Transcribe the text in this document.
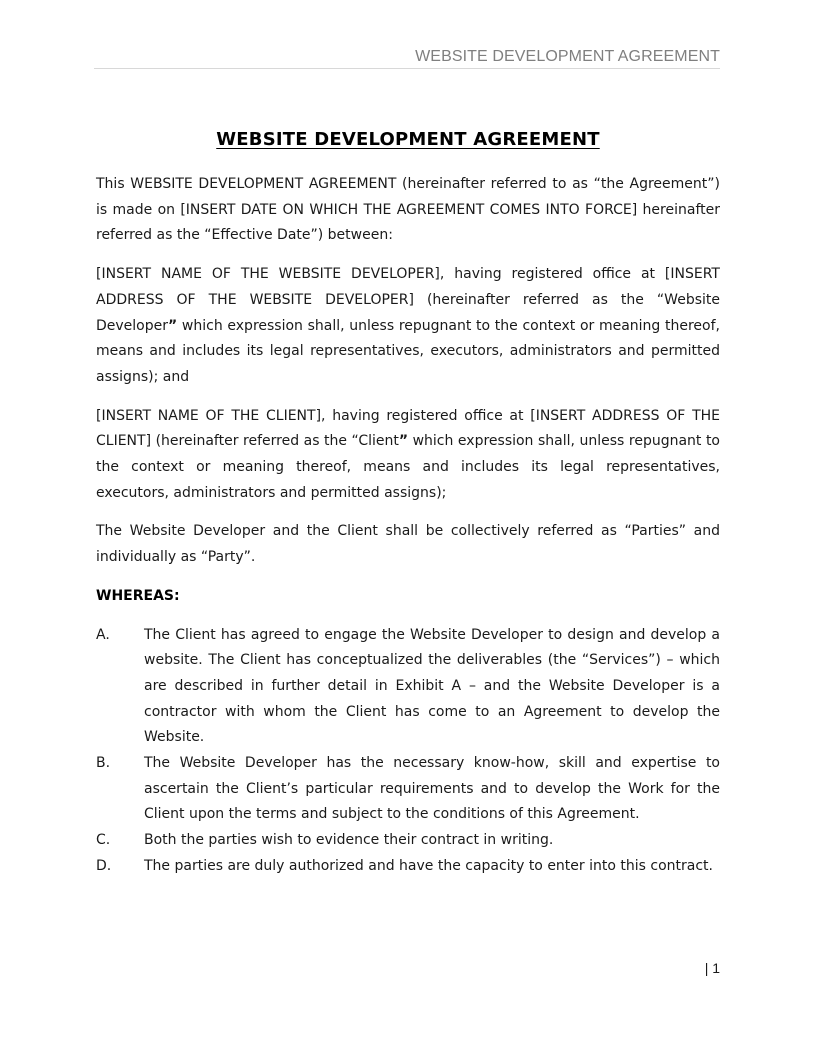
WEBSITE DEVELOPMENT AGREEMENT
WEBSITE DEVELOPMENT AGREEMENT

This WEBSITE DEVELOPMENT AGREEMENT (hereinafter referred to as “the Agreement”) is made on [INSERT DATE ON WHICH THE AGREEMENT COMES INTO FORCE] hereinafter referred as the “Effective Date”) between:

[INSERT NAME OF THE WEBSITE DEVELOPER], having registered office at [INSERT ADDRESS OF THE WEBSITE DEVELOPER] (hereinafter referred as the “Website Developer” which expression shall, unless repugnant to the context or meaning thereof, means and includes its legal representatives, executors, administrators and permitted assigns); and

[INSERT NAME OF THE CLIENT], having registered office at [INSERT ADDRESS OF THE CLIENT] (hereinafter referred as the “Client” which expression shall, unless repugnant to the context or meaning thereof, means and includes its legal representatives, executors, administrators and permitted assigns);

The Website Developer and the Client shall be collectively referred as “Parties” and individually as “Party”.

WHEREAS:

A.	The Client has agreed to engage the Website Developer to design and develop a website. The Client has conceptualized the deliverables (the “Services”) – which are described in further detail in Exhibit A – and the Website Developer is a contractor with whom the Client has come to an Agreement to develop the Website.
B.	The Website Developer has the necessary know-how, skill and expertise to ascertain the Client’s particular requirements and to develop the Work for the Client upon the terms and subject to the conditions of this Agreement.
C.	Both the parties wish to evidence their contract in writing.
D.	The parties are duly authorized and have the capacity to enter into this contract.
| 1
